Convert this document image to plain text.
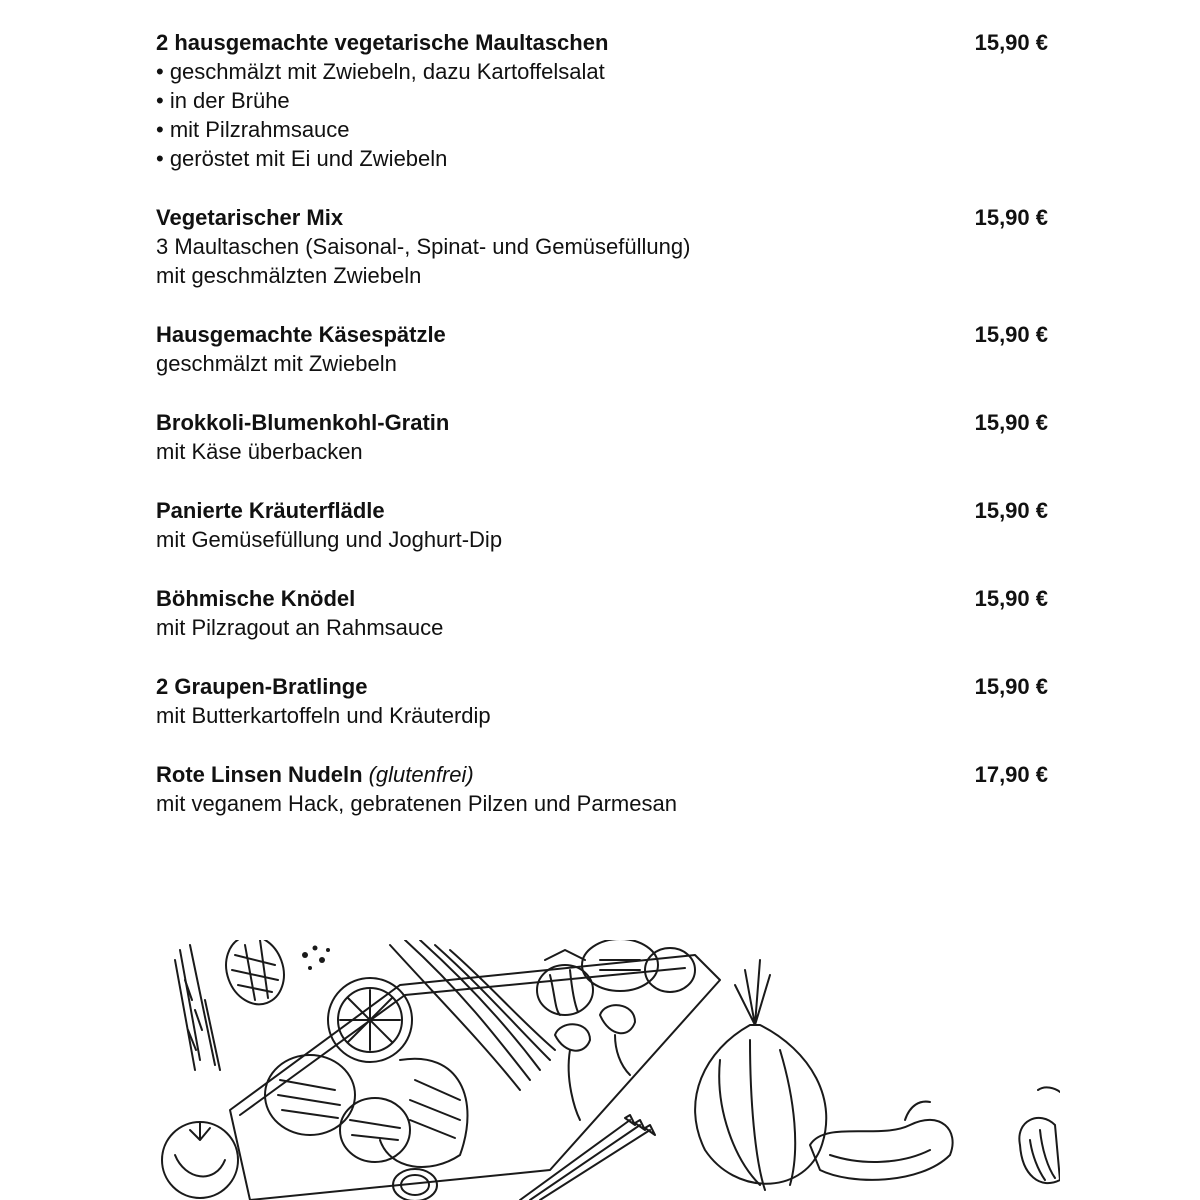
2 hausgemachte vegetarische Maultaschen	15,90 €
• geschmälzt mit Zwiebeln, dazu Kartoffelsalat
• in der Brühe
• mit Pilzrahmsauce
• geröstet mit Ei und Zwiebeln
Vegetarischer Mix	15,90 €
3 Maultaschen (Saisonal-, Spinat- und Gemüsefüllung)
mit geschmälzten Zwiebeln
Hausgemachte Käsespätzle	15,90 €
geschmälzt mit Zwiebeln
Brokkoli-Blumenkohl-Gratin	15,90 €
mit Käse überbacken
Panierte Kräuterflädle	15,90 €
mit Gemüsefüllung und Joghurt-Dip
Böhmische Knödel	15,90 €
mit Pilzragout an Rahmsauce
2 Graupen-Bratlinge	15,90 €
mit Butterkartoffeln und Kräuterdip
Rote Linsen Nudeln (glutenfrei)	17,90 €
mit veganem Hack, gebratenen Pilzen und Parmesan
